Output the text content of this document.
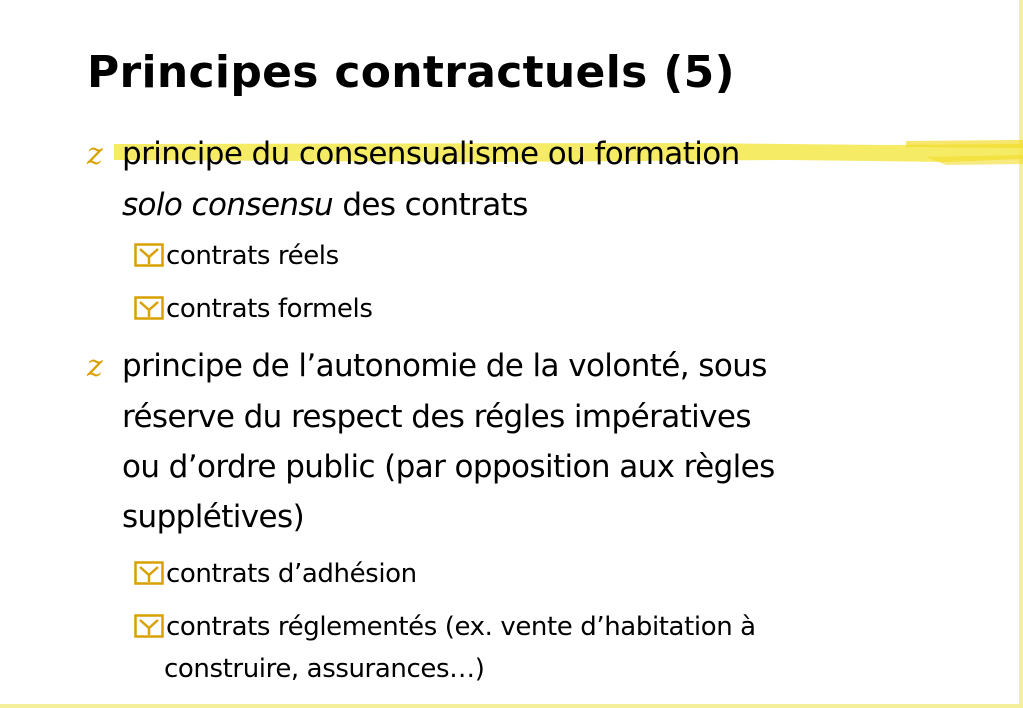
Principes contractuels (5)
z principe du consensualisme ou formation
solo consensu des contrats
contrats réels
contrats formels
z principe de l’autonomie de la volonté, sous
réserve du respect des régles impératives
ou d’ordre public (par opposition aux règles
supplétives)
contrats d’adhésion
contrats réglementés (ex. vente d’habitation à
construire, assurances…)
